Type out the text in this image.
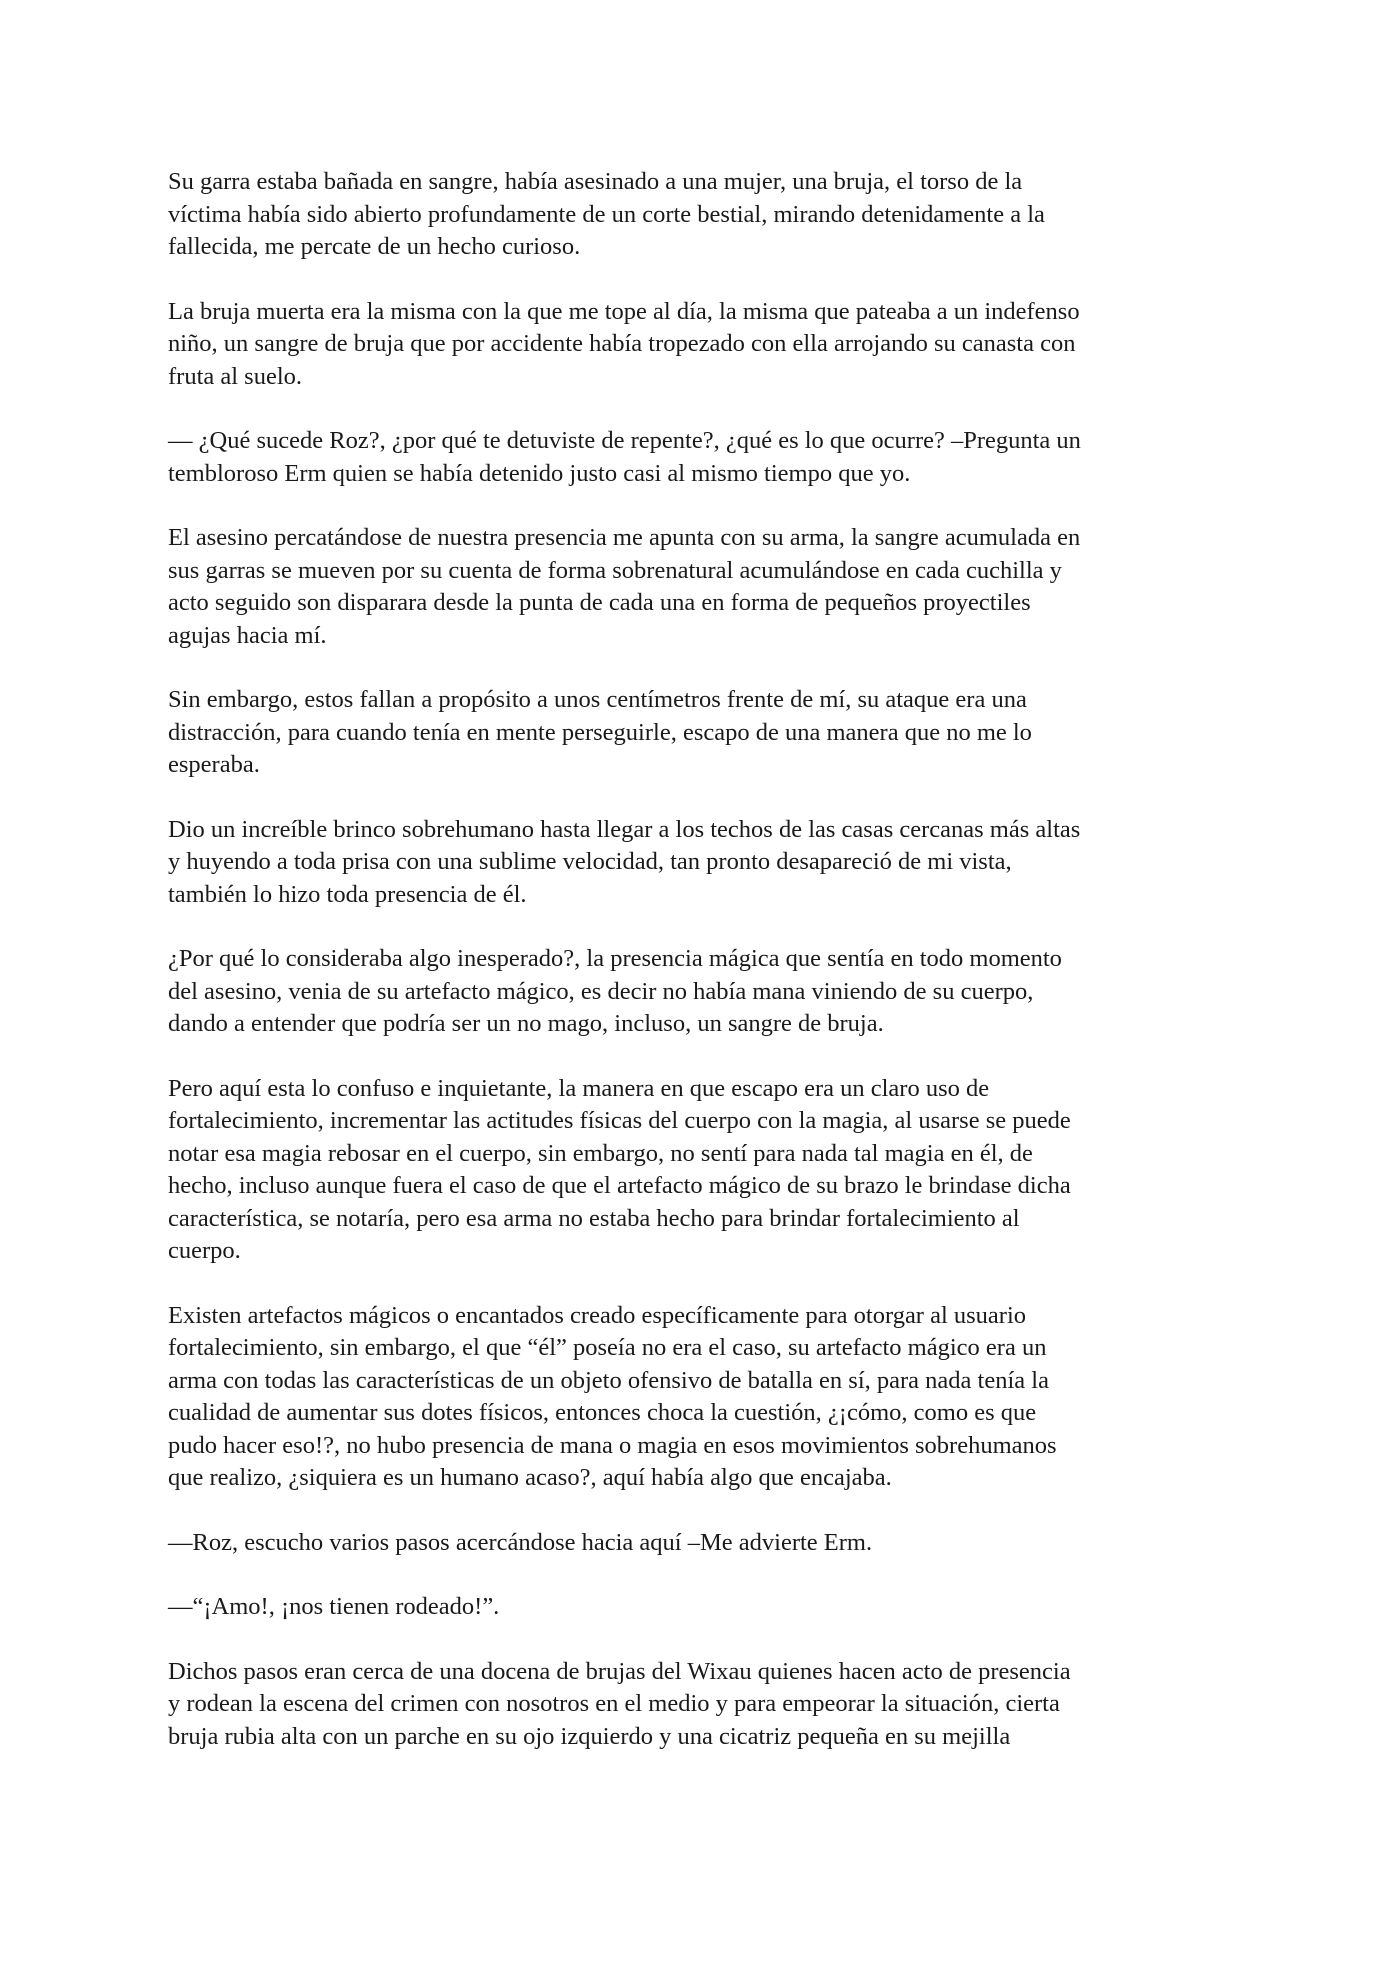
Su garra estaba bañada en sangre, había asesinado a una mujer, una bruja, el torso de la
víctima había sido abierto profundamente de un corte bestial, mirando detenidamente a la
fallecida, me percate de un hecho curioso.

La bruja muerta era la misma con la que me tope al día, la misma que pateaba a un indefenso
niño, un sangre de bruja que por accidente había tropezado con ella arrojando su canasta con
fruta al suelo.

— ¿Qué sucede Roz?, ¿por qué te detuviste de repente?, ¿qué es lo que ocurre? –Pregunta un
tembloroso Erm quien se había detenido justo casi al mismo tiempo que yo.

El asesino percatándose de nuestra presencia me apunta con su arma, la sangre acumulada en
sus garras se mueven por su cuenta de forma sobrenatural acumulándose en cada cuchilla y
acto seguido son disparara desde la punta de cada una en forma de pequeños proyectiles
agujas hacia mí.

Sin embargo, estos fallan a propósito a unos centímetros frente de mí, su ataque era una
distracción, para cuando tenía en mente perseguirle, escapo de una manera que no me lo
esperaba.

Dio un increíble brinco sobrehumano hasta llegar a los techos de las casas cercanas más altas
y huyendo a toda prisa con una sublime velocidad, tan pronto desapareció de mi vista,
también lo hizo toda presencia de él.

¿Por qué lo consideraba algo inesperado?, la presencia mágica que sentía en todo momento
del asesino, venia de su artefacto mágico, es decir no había mana viniendo de su cuerpo,
dando a entender que podría ser un no mago, incluso, un sangre de bruja.

Pero aquí esta lo confuso e inquietante, la manera en que escapo era un claro uso de
fortalecimiento, incrementar las actitudes físicas del cuerpo con la magia, al usarse se puede
notar esa magia rebosar en el cuerpo, sin embargo, no sentí para nada tal magia en él, de
hecho, incluso aunque fuera el caso de que el artefacto mágico de su brazo le brindase dicha
característica, se notaría, pero esa arma no estaba hecho para brindar fortalecimiento al
cuerpo.

Existen artefactos mágicos o encantados creado específicamente para otorgar al usuario
fortalecimiento, sin embargo, el que “él” poseía no era el caso, su artefacto mágico era un
arma con todas las características de un objeto ofensivo de batalla en sí, para nada tenía la
cualidad de aumentar sus dotes físicos, entonces choca la cuestión, ¿¡cómo, como es que
pudo hacer eso!?, no hubo presencia de mana o magia en esos movimientos sobrehumanos
que realizo, ¿siquiera es un humano acaso?, aquí había algo que encajaba.

—Roz, escucho varios pasos acercándose hacia aquí –Me advierte Erm.

—“¡Amo!, ¡nos tienen rodeado!”.

Dichos pasos eran cerca de una docena de brujas del Wixau quienes hacen acto de presencia
y rodean la escena del crimen con nosotros en el medio y para empeorar la situación, cierta
bruja rubia alta con un parche en su ojo izquierdo y una cicatriz pequeña en su mejilla
